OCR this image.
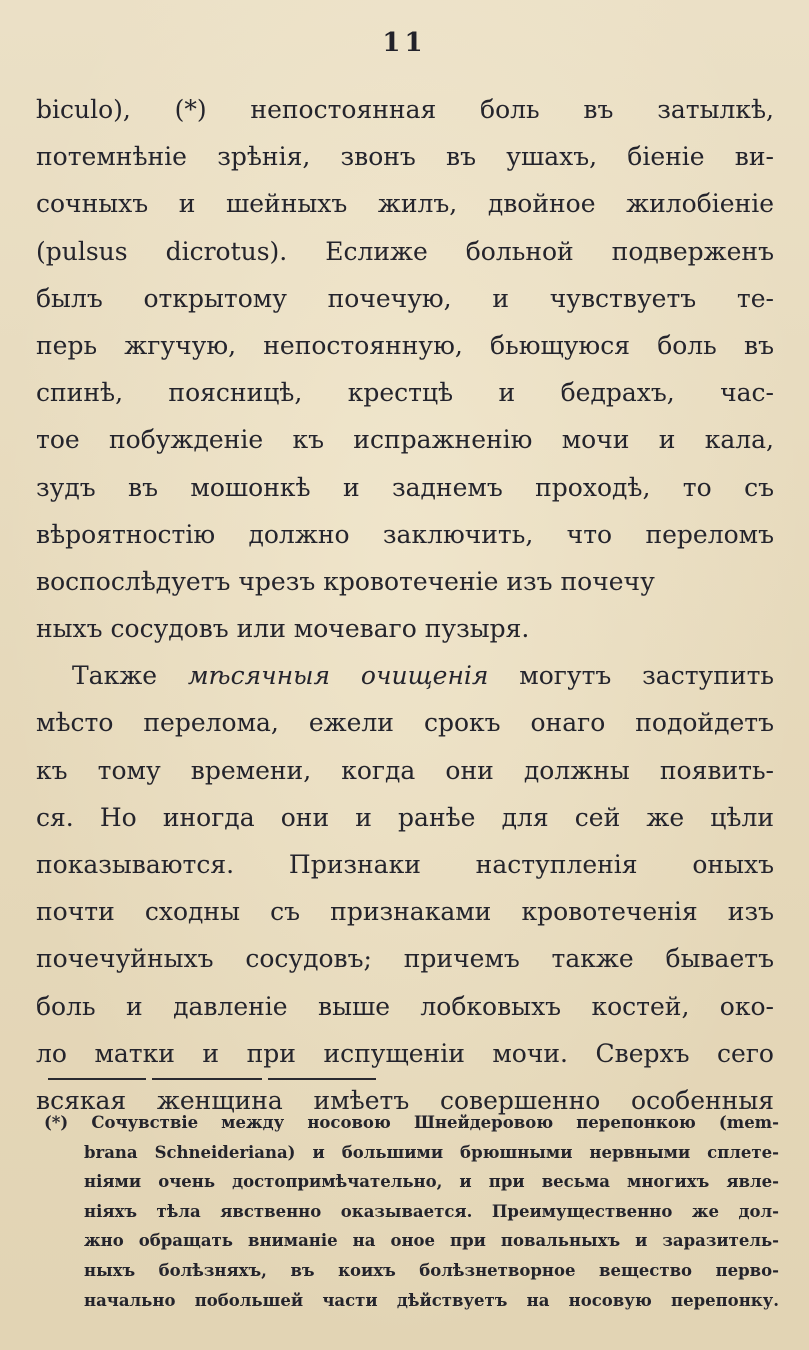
11
biculo), (*) непостоянная боль въ затылкѣ,
потемнѣніе зрѣнія, звонъ въ ушахъ, біеніе ви-
сочныхъ и шейныхъ жилъ, двойное жилобіеніе
(pulsus dicrotus). Еслиже больной подверженъ
былъ открытому почечую, и чувствуетъ те-
перь жгучую, непостоянную, бьющуюся боль въ
спинѣ, поясницѣ, крестцѣ и бедрахъ, час-
тое побужденіе къ испражненію мочи и кала,
зудъ въ мошонкѣ и заднемъ проходѣ, то съ
вѣроятностію должно заключить, что переломъ
воспослѣдуетъ чрезъ кровотеченіе изъ почечу
ныхъ сосудовъ или мочеваго пузыря.
Также мѣсячныя очищенія могутъ заступить
мѣсто перелома, ежели срокъ онаго подойдетъ
къ тому времени, когда они должны появить-
ся. Но иногда они и ранѣе для сей же цѣли
показываются. Признаки наступленія оныхъ
почти сходны съ признаками кровотеченія изъ
почечуйныхъ сосудовъ; причемъ также бываетъ
боль и давленіе выше лобковыхъ костей, око-
ло матки и при испущеніи мочи. Сверхъ сего
всякая женщина имѣетъ совершенно особенныя
(*) Сочувствіе между носовою Шнейдеровою перепонкою (mem-
brana Schneideriana) и большими брюшными нервными сплете-
ніями очень достопримѣчательно, и при весьма многихъ явле-
ніяхъ тѣла явственно оказывается. Преимущественно же дол-
жно обращать вниманіе на оное при повальныхъ и заразитель-
ныхъ болѣзняхъ, въ коихъ болѣзнетворное вещество перво-
начально побольшей части дѣйствуетъ на носовую перепонку.
